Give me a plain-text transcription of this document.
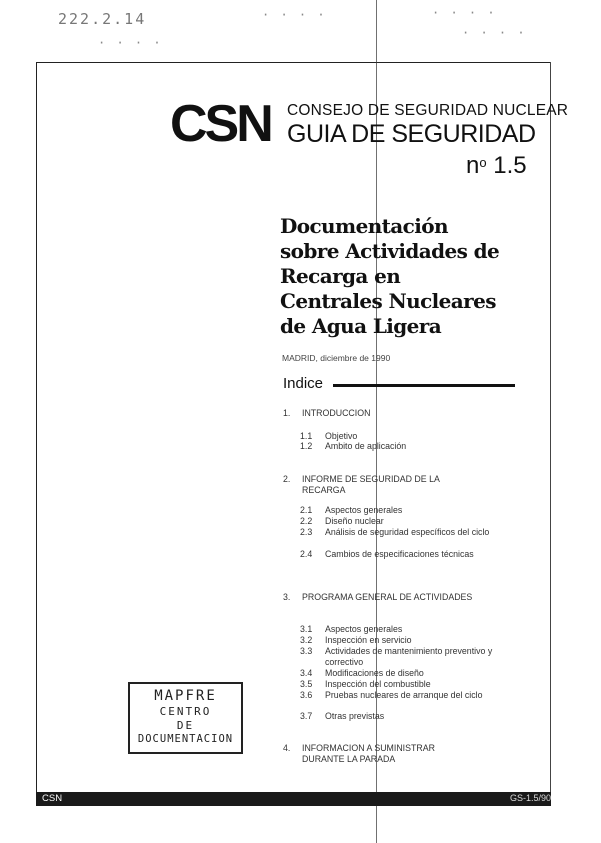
222.2.14
· · · ·
· · · ·	· · · ·
· · · ·
CSN CONSEJO DE SEGURIDAD NUCLEAR
GUIA DE SEGURIDAD
$n^o$ 1.5
Documentación
sobre Actividades de
Recarga en
Centrales Nucleares
de Agua Ligera
MADRID, diciembre de 1990
Indice
1. INTRODUCCION
1.1 Objetivo
1.2 Ambito de aplicación
2. INFORME DE SEGURIDAD DE LA RECARGA
2.1 Aspectos generales
2.2 Diseño nuclear
2.3 Análisis de seguridad específicos del ciclo
2.4 Cambios de especificaciones técnicas
3. PROGRAMA GENERAL DE ACTIVIDADES
3.1 Aspectos generales
3.2 Inspección en servicio
3.3 Actividades de mantenimiento preventivo y correctivo
3.4 Modificaciones de diseño
3.5 Inspección del combustible
3.6 Pruebas nucleares de arranque del ciclo
3.7 Otras previstas
4. INFORMACION A SUMINISTRAR DURANTE LA PARADA
MAPFRE
CENTRO
DE
DOCUMENTACION
CSN	GS-1.5/90
